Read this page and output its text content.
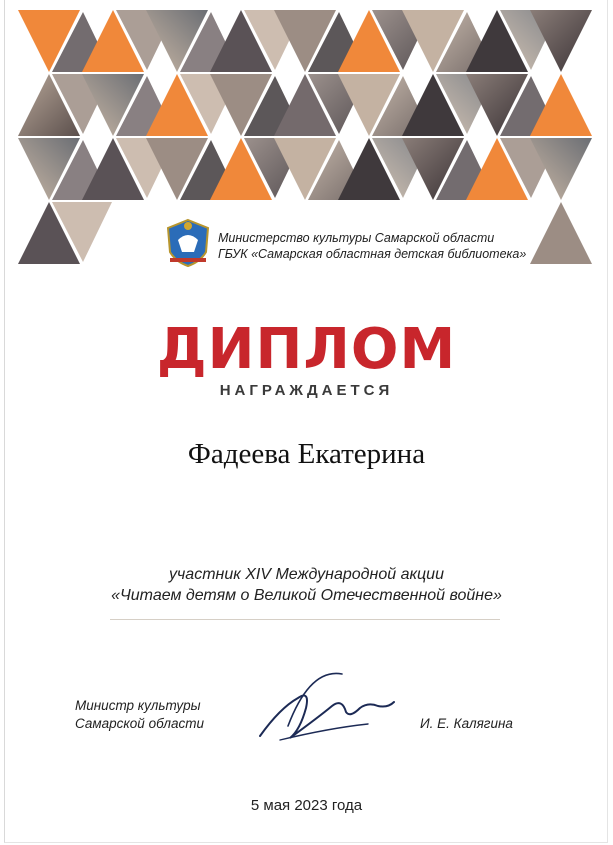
Министерство культуры Самарской области
ГБУК «Самарская областная детская библиотека»
ДИПЛОМ
НАГРАЖДАЕТСЯ
Фадеева Екатерина
участник XIV Международной акции
«Читаем детям о Великой Отечественной войне»
Министр культуры
Самарской области	И. Е. Калягина
5 мая 2023 года
